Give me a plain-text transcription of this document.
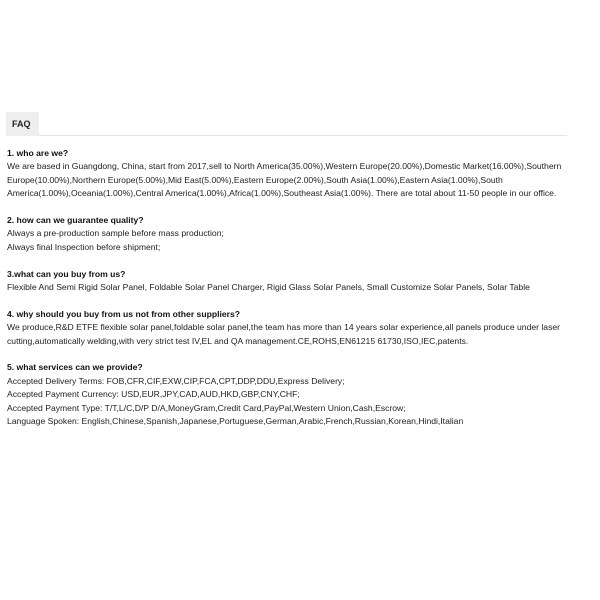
FAQ
1. who are we?
We are based in Guangdong, China, start from 2017,sell to North America(35.00%),Western Europe(20.00%),Domestic Market(16.00%),Southern Europe(10.00%),Northern Europe(5.00%),Mid East(5.00%),Eastern Europe(2.00%),South Asia(1.00%),Eastern Asia(1.00%),South America(1.00%),Oceania(1.00%),Central America(1.00%),Africa(1.00%),Southeast Asia(1.00%). There are total about 11-50 people in our office.
2. how can we guarantee quality?
Always a pre-production sample before mass production;
Always final Inspection before shipment;
3.what can you buy from us?
Flexible And Semi Rigid Solar Panel, Foldable Solar Panel Charger, Rigid Glass Solar Panels, Small Customize Solar Panels, Solar Table
4. why should you buy from us not from other suppliers?
We produce,R&D ETFE flexible solar panel,foldable solar panel,the team has more than 14 years solar experience,all panels produce under laser cutting,automatically welding,with very strict test IV,EL and QA management.CE,ROHS,EN61215 61730,ISO,IEC,patents.
5. what services can we provide?
Accepted Delivery Terms: FOB,CFR,CIF,EXW,CIP,FCA,CPT,DDP,DDU,Express Delivery;
Accepted Payment Currency: USD,EUR,JPY,CAD,AUD,HKD,GBP,CNY,CHF;
Accepted Payment Type: T/T,L/C,D/P D/A,MoneyGram,Credit Card,PayPal,Western Union,Cash,Escrow;
Language Spoken: English,Chinese,Spanish,Japanese,Portuguese,German,Arabic,French,Russian,Korean,Hindi,Italian
